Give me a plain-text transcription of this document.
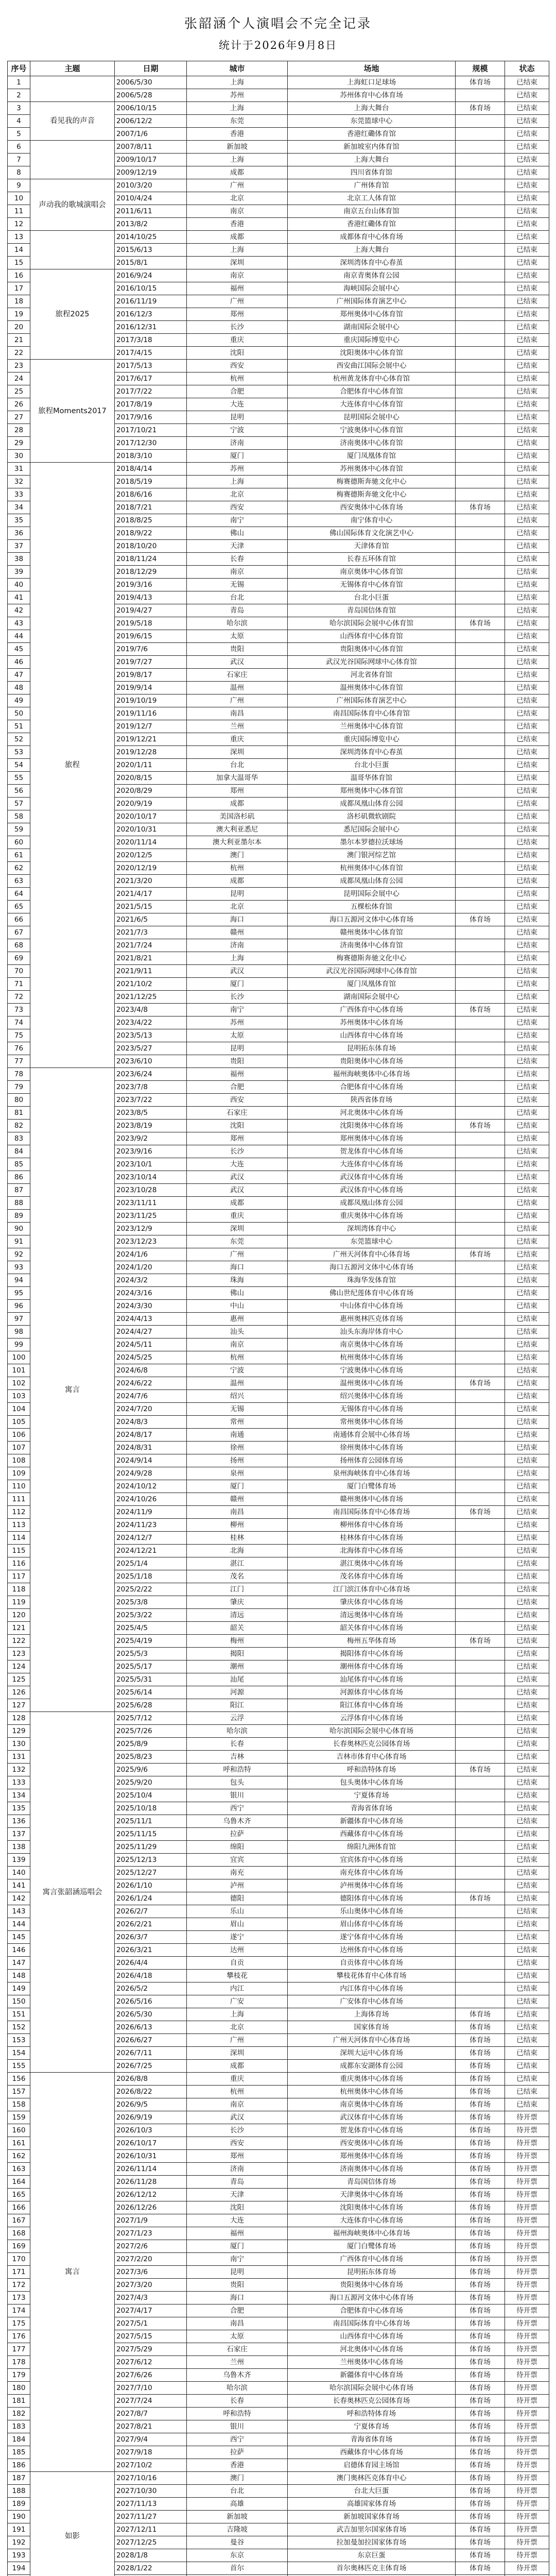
张韶涵个人演唱会不完全记录
统计于2026年9月8日
序号	主题	日期	城市	场地	规模	状态
1		2006/5/30	上海	上海虹口足球场	体育场	已结束
2		2006/5/28	苏州	苏州体育中心体育场		已结束
3	看见我的声音	2006/10/15	上海	上海大舞台	体育场	已结束
4		2006/12/2	东莞	东莞篮球中心		已结束
5		2007/1/6	香港	香港红磡体育馆		已结束
6		2007/8/11	新加坡	新加坡室内体育馆		已结束
7		2009/10/17	上海	上海大舞台		已结束
8		2009/12/19	成都	四川省体育馆		已结束
9	声动我的歌城演唱会	2010/3/20	广州	广州体育馆		已结束
10		2010/4/24	北京	北京工人体育馆		已结束
11		2011/6/11	南京	南京五台山体育馆		已结束
12		2013/8/2	香港	香港红磡体育馆		已结束
13		2014/10/25	成都	成都体育中心体育场		已结束
14		2015/6/13	上海	上海大舞台		已结束
15		2015/8/1	深圳	深圳湾体育中心春茧		已结束
16	旅程2025	2016/9/24	南京	南京青奥体育公园		已结束
17		2016/10/15	福州	海峡国际会展中心		已结束
18		2016/11/19	广州	广州国际体育演艺中心		已结束
19		2016/12/3	郑州	郑州奥体中心体育馆		已结束
20		2016/12/31	长沙	湖南国际会展中心		已结束
21		2017/3/18	重庆	重庆国际博览中心		已结束
22		2017/4/15	沈阳	沈阳奥体中心体育馆		已结束
23	旅程Moments2017	2017/5/13	西安	西安曲江国际会展中心		已结束
24		2017/6/17	杭州	杭州黄龙体育中心体育馆		已结束
25		2017/7/22	合肥	合肥体育中心体育馆		已结束
26		2017/8/19	大连	大连体育中心体育馆		已结束
27		2017/9/16	昆明	昆明国际会展中心		已结束
28		2017/10/21	宁波	宁波奥体中心体育馆		已结束
29		2017/12/30	济南	济南奥体中心体育馆		已结束
30		2018/3/10	厦门	厦门凤凰体育馆		已结束
31	旅程	2018/4/14	苏州	苏州奥体中心体育馆		已结束
32		2018/5/19	上海	梅赛德斯奔驰文化中心		已结束
33		2018/6/16	北京	梅赛德斯奔驰文化中心		已结束
34		2018/7/21	西安	西安奥体中心体育场	体育场	已结束
35		2018/8/25	南宁	南宁体育中心		已结束
36		2018/9/22	佛山	佛山国际体育文化演艺中心		已结束
37		2018/10/20	天津	天津体育馆		已结束
38		2018/11/24	长春	长春五环体育馆		已结束
39		2018/12/29	南京	南京奥体中心体育馆		已结束
40		2019/3/16	无锡	无锡体育中心体育馆		已结束
41		2019/4/13	台北	台北小巨蛋		已结束
42		2019/4/27	青岛	青岛国信体育馆		已结束
43		2019/5/18	哈尔滨	哈尔滨国际会展中心体育馆	体育场	已结束
44		2019/6/15	太原	山西体育中心体育馆		已结束
45		2019/7/6	贵阳	贵阳奥体中心体育馆		已结束
46		2019/7/27	武汉	武汉光谷国际网球中心体育馆		已结束
47		2019/8/17	石家庄	河北省体育馆		已结束
48		2019/9/14	温州	温州奥体中心体育馆		已结束
49		2019/10/19	广州	广州国际体育演艺中心		已结束
50		2019/11/16	南昌	南昌国际体育中心体育馆		已结束
51		2019/12/7	兰州	兰州奥体中心体育馆		已结束
52		2019/12/21	重庆	重庆国际博览中心		已结束
53		2019/12/28	深圳	深圳湾体育中心春茧		已结束
54		2020/1/11	台北	台北小巨蛋		已结束
55		2020/8/15	加拿大温哥华	温哥华体育馆		已结束
56		2020/8/29	郑州	郑州奥体中心体育馆		已结束
57		2020/9/19	成都	成都凤凰山体育公园		已结束
58		2020/10/17	美国洛杉矶	洛杉矶微软剧院		已结束
59		2020/10/31	澳大利亚悉尼	悉尼国际会展中心		已结束
60		2020/11/14	澳大利亚墨尔本	墨尔本罗德拉沃球场		已结束
61		2020/12/5	澳门	澳门银河综艺馆		已结束
62		2020/12/19	杭州	杭州奥体中心体育馆		已结束
63		2021/3/20	成都	成都凤凰山体育公园		已结束
64		2021/4/17	昆明	昆明国际会展中心		已结束
65		2021/5/15	北京	五棵松体育馆		已结束
66		2021/6/5	海口	海口五源河文体中心体育场	体育场	已结束
67		2021/7/3	赣州	赣州奥体中心体育馆		已结束
68		2021/7/24	济南	济南奥体中心体育馆		已结束
69		2021/8/21	上海	梅赛德斯奔驰文化中心		已结束
70		2021/9/11	武汉	武汉光谷国际网球中心体育馆		已结束
71		2021/10/2	厦门	厦门凤凰体育馆		已结束
72		2021/12/25	长沙	湖南国际会展中心		已结束
73		2023/4/8	南宁	广西体育中心体育场	体育场	已结束
74		2023/4/22	苏州	苏州奥体中心体育场		已结束
75		2023/5/13	太原	山西体育中心体育场		已结束
76		2023/5/27	昆明	昆明拓东体育场		已结束
77		2023/6/10	贵阳	贵阳奥体中心体育场		已结束
78	寓言	2023/6/24	福州	福州海峡奥体中心体育场		已结束
79		2023/7/8	合肥	合肥体育中心体育场		已结束
80		2023/7/22	西安	陕西省体育场		已结束
81		2023/8/5	石家庄	河北奥体中心体育场		已结束
82		2023/8/19	沈阳	沈阳奥体中心体育场	体育场	已结束
83		2023/9/2	郑州	郑州奥体中心体育场		已结束
84		2023/9/16	长沙	贺龙体育中心体育场		已结束
85		2023/10/1	大连	大连体育中心体育场		已结束
86		2023/10/14	武汉	武汉体育中心体育场		已结束
87		2023/10/28	武汉	武汉体育中心体育场		已结束
88		2023/11/11	成都	成都凤凰山体育公园		已结束
89		2023/11/25	重庆	重庆奥体中心体育场		已结束
90		2023/12/9	深圳	深圳湾体育中心		已结束
91		2023/12/23	东莞	东莞篮球中心		已结束
92		2024/1/6	广州	广州天河体育中心体育场	体育场	已结束
93		2024/1/20	海口	海口五源河文体中心体育场		已结束
94		2024/3/2	珠海	珠海华发体育馆		已结束
95		2024/3/16	佛山	佛山世纪莲体育中心体育场		已结束
96		2024/3/30	中山	中山体育中心体育场		已结束
97		2024/4/13	惠州	惠州奥林匹克体育场		已结束
98		2024/4/27	汕头	汕头东海岸体育中心		已结束
99		2024/5/11	南京	南京奥体中心体育场		已结束
100		2024/5/25	杭州	杭州奥体中心体育场		已结束
101		2024/6/8	宁波	宁波奥体中心体育场		已结束
102		2024/6/22	温州	温州奥体中心体育场	体育场	已结束
103		2024/7/6	绍兴	绍兴奥体中心体育场		已结束
104		2024/7/20	无锡	无锡体育中心体育场		已结束
105		2024/8/3	常州	常州奥体中心体育场		已结束
106		2024/8/17	南通	南通体育会展中心体育场		已结束
107		2024/8/31	徐州	徐州奥体中心体育场		已结束
108		2024/9/14	扬州	扬州体育公园体育场		已结束
109		2024/9/28	泉州	泉州海峡体育中心体育场		已结束
110		2024/10/12	厦门	厦门白鹭体育场		已结束
111		2024/10/26	赣州	赣州奥体中心体育场		已结束
112		2024/11/9	南昌	南昌国际体育中心体育场	体育场	已结束
113		2024/11/23	柳州	柳州体育中心体育场		已结束
114		2024/12/7	桂林	桂林体育中心体育场		已结束
115		2024/12/21	北海	北海体育中心体育场		已结束
116		2025/1/4	湛江	湛江奥体中心体育场		已结束
117		2025/1/18	茂名	茂名体育中心体育场		已结束
118		2025/2/22	江门	江门滨江体育中心体育场		已结束
119		2025/3/8	肇庆	肇庆体育中心体育场		已结束
120		2025/3/22	清远	清远奥体中心体育场		已结束
121		2025/4/5	韶关	韶关体育中心体育场		已结束
122		2025/4/19	梅州	梅州五华体育场	体育场	已结束
123		2025/5/3	揭阳	揭阳体育中心体育场		已结束
124		2025/5/17	潮州	潮州体育中心体育场		已结束
125		2025/5/31	汕尾	汕尾体育中心体育场		已结束
126		2025/6/14	河源	河源体育中心体育场		已结束
127		2025/6/28	阳江	阳江体育中心体育场		已结束
128	寓言张韶涵巡唱会	2025/7/12	云浮	云浮体育中心体育场		已结束
129		2025/7/26	哈尔滨	哈尔滨国际会展中心体育场		已结束
130		2025/8/9	长春	长春奥林匹克公园体育场		已结束
131		2025/8/23	吉林	吉林市体育中心体育场		已结束
132		2025/9/6	呼和浩特	呼和浩特体育场	体育场	已结束
133		2025/9/20	包头	包头奥体中心体育场		已结束
134		2025/10/4	银川	宁夏体育场		已结束
135		2025/10/18	西宁	青海省体育场		已结束
136		2025/11/1	乌鲁木齐	新疆体育中心体育场		已结束
137		2025/11/15	拉萨	西藏体育中心体育场		已结束
138		2025/11/29	绵阳	绵阳九洲体育馆		已结束
139		2025/12/13	宜宾	宜宾体育中心体育场		已结束
140		2025/12/27	南充	南充体育中心体育场		已结束
141		2026/1/10	泸州	泸州奥体中心体育场		已结束
142		2026/1/24	德阳	德阳体育中心体育场	体育场	已结束
143		2026/2/7	乐山	乐山奥体中心体育场		已结束
144		2026/2/21	眉山	眉山体育中心体育场		已结束
145		2026/3/7	遂宁	遂宁体育中心体育场		已结束
146		2026/3/21	达州	达州体育中心体育场		已结束
147		2026/4/4	自贡	自贡体育中心体育场		已结束
148		2026/4/18	攀枝花	攀枝花体育中心体育场		已结束
149		2026/5/2	内江	内江体育中心体育场		已结束
150		2026/5/16	广安	广安体育中心体育场		已结束
151		2026/5/30	上海	上海体育场	体育场	已结束
152		2026/6/13	北京	国家体育场	体育场	已结束
153		2026/6/27	广州	广州天河体育中心体育场	体育场	已结束
154		2026/7/11	深圳	深圳大运中心体育场	体育场	已结束
155		2026/7/25	成都	成都东安湖体育公园	体育场	已结束
156	寓言	2026/8/8	重庆	重庆奥体中心体育场	体育场	已结束
157		2026/8/22	杭州	杭州奥体中心体育场	体育场	已结束
158		2026/9/5	南京	南京奥体中心体育场	体育场	已结束
159		2026/9/19	武汉	武汉体育中心体育场	体育场	待开票
160		2026/10/3	长沙	贺龙体育中心体育场	体育场	待开票
161		2026/10/17	西安	西安奥体中心体育场	体育场	待开票
162		2026/10/31	郑州	郑州奥体中心体育场	体育场	待开票
163		2026/11/14	济南	济南奥体中心体育场	体育场	待开票
164		2026/11/28	青岛	青岛国信体育场	体育场	待开票
165		2026/12/12	天津	天津奥体中心体育场	体育场	待开票
166		2026/12/26	沈阳	沈阳奥体中心体育场	体育场	待开票
167		2027/1/9	大连	大连体育中心体育场	体育场	待开票
168		2027/1/23	福州	福州海峡奥体中心体育场	体育场	待开票
169		2027/2/6	厦门	厦门白鹭体育场	体育场	待开票
170		2027/2/20	南宁	广西体育中心体育场	体育场	待开票
171		2027/3/6	昆明	昆明拓东体育场	体育场	待开票
172		2027/3/20	贵阳	贵阳奥体中心体育场	体育场	待开票
173		2027/4/3	海口	海口五源河文体中心体育场	体育场	待开票
174		2027/4/17	合肥	合肥体育中心体育场	体育场	待开票
175		2027/5/1	南昌	南昌国际体育中心体育场	体育场	待开票
176		2027/5/15	太原	山西体育中心体育场	体育场	待开票
177		2027/5/29	石家庄	河北奥体中心体育场	体育场	待开票
178		2027/6/12	兰州	兰州奥体中心体育场	体育场	待开票
179		2027/6/26	乌鲁木齐	新疆体育中心体育场	体育场	待开票
180		2027/7/10	哈尔滨	哈尔滨国际会展中心体育场	体育场	待开票
181		2027/7/24	长春	长春奥林匹克公园体育场	体育场	待开票
182		2027/8/7	呼和浩特	呼和浩特体育场	体育场	待开票
183		2027/8/21	银川	宁夏体育场	体育场	待开票
184		2027/9/4	西宁	青海省体育场	体育场	待开票
185		2027/9/18	拉萨	西藏体育中心体育场	体育场	待开票
186		2027/10/2	香港	启德体育园主场馆	体育场	待开票
187	如影	2027/10/16	澳门	澳门奥林匹克体育中心	体育场	待开票
188		2027/10/30	台北	台北大巨蛋	体育场	待开票
189		2027/11/13	高雄	高雄国家体育场	体育场	待开票
190		2027/11/27	新加坡	新加坡国家体育场	体育场	待开票
191		2027/12/11	吉隆坡	武吉加里尔国家体育场	体育场	待开票
192		2027/12/25	曼谷	拉加曼加拉国家体育场	体育场	待开票
193		2028/1/8	东京	东京巨蛋	体育场	待开票
194		2028/1/22	首尔	首尔奥林匹克主体育场	体育场	待开票
